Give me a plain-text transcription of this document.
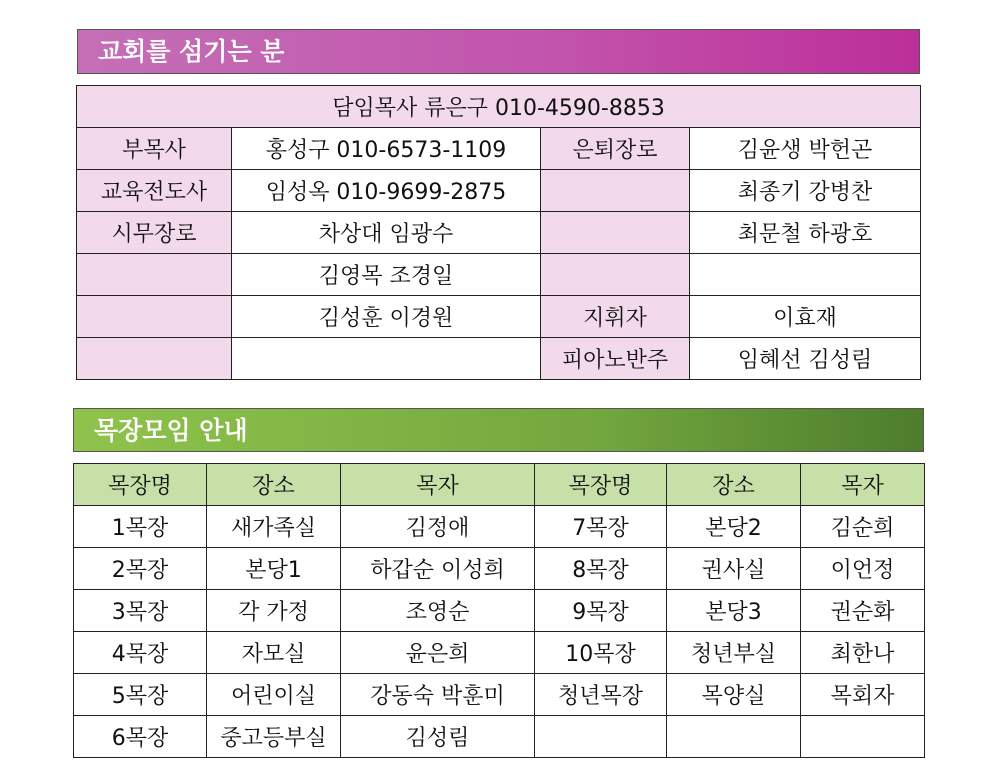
교회를 섬기는 분
담임목사 류은구 010-4590-8853			
부목사	홍성구 010-6573-1109	은퇴장로	김윤생 박헌곤
교육전도사	임성옥 010-9699-2875		최종기 강병찬
시무장로	차상대 임광수		최문철 하광호
	김영목 조경일		
	김성훈 이경원	지휘자	이효재
		피아노반주	임혜선 김성림
목장모임 안내
목장명	장소	목자	목장명	장소	목자
1목장	새가족실	김정애	7목장	본당2	김순희
2목장	본당1	하갑순 이성희	8목장	권사실	이언정
3목장	각 가정	조영순	9목장	본당3	권순화
4목장	자모실	윤은희	10목장	청년부실	최한나
5목장	어린이실	강동숙 박훈미	청년목장	목양실	목회자
6목장	중고등부실	김성림			
